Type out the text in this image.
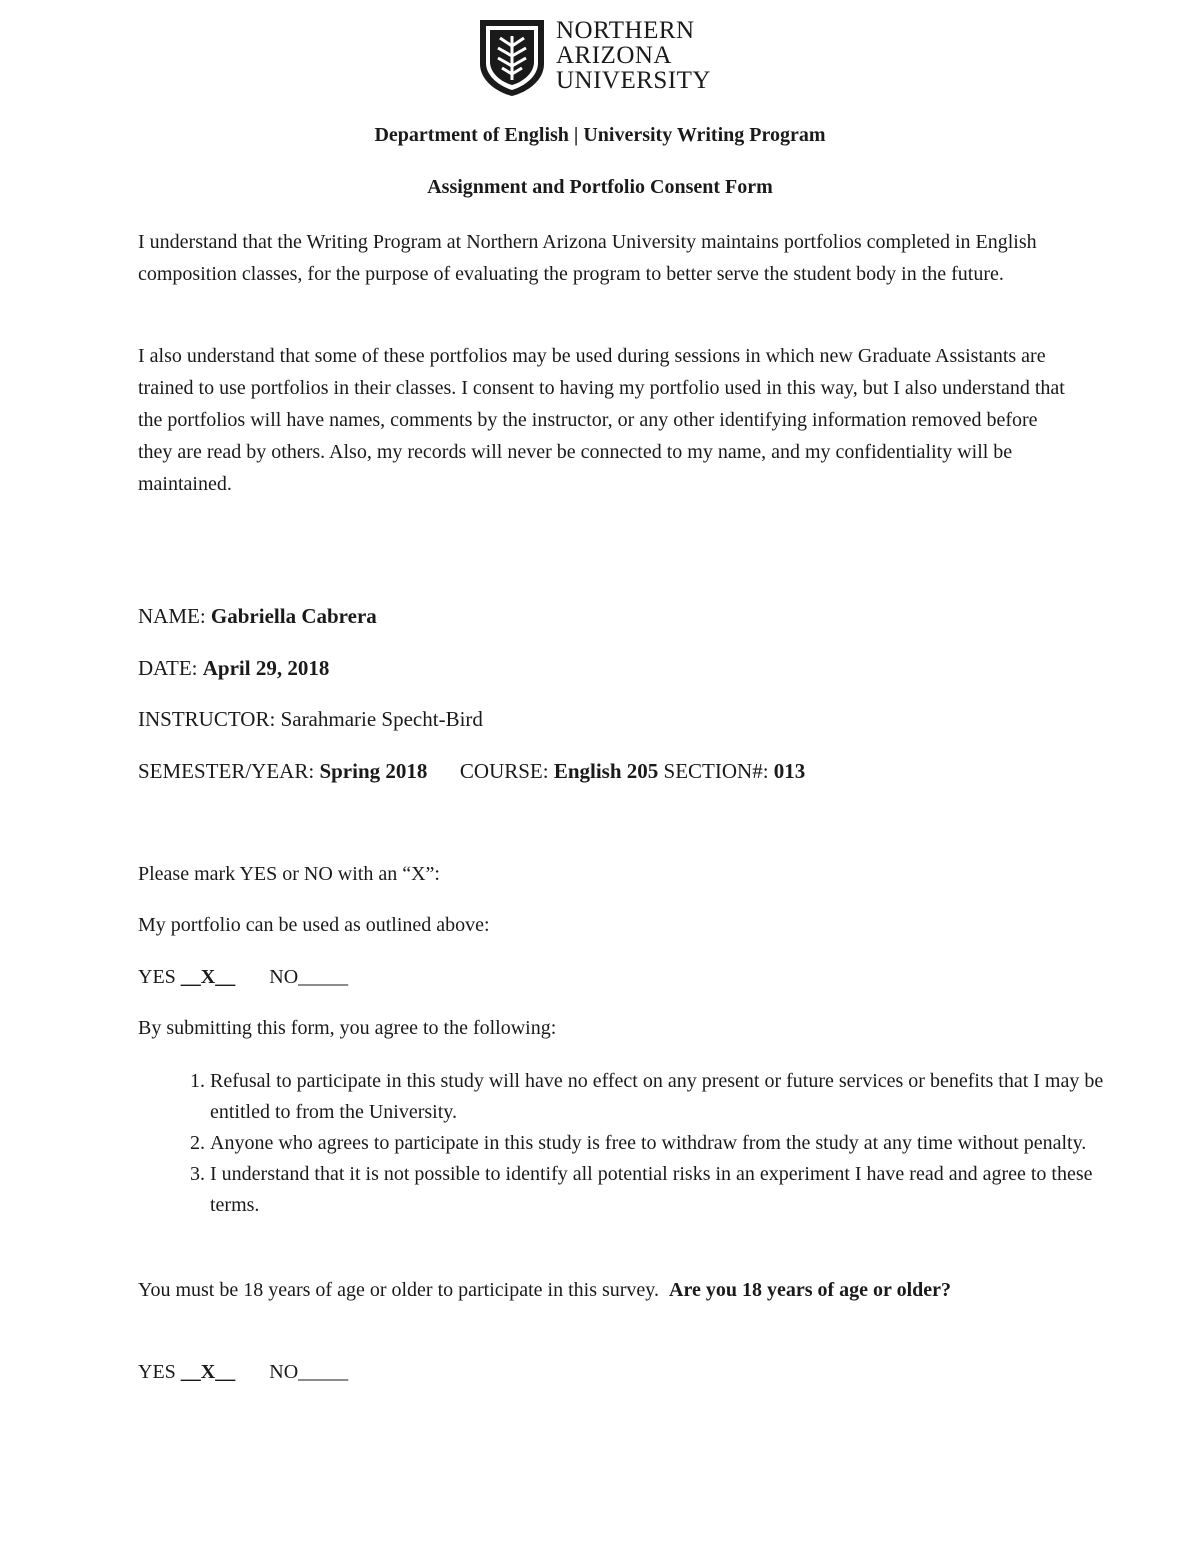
NORTHERN
ARIZONA
UNIVERSITY
Department of English | University Writing Program
Assignment and Portfolio Consent Form

I understand that the Writing Program at Northern Arizona University maintains portfolios completed in English composition classes, for the purpose of evaluating the program to better serve the student body in the future.

I also understand that some of these portfolios may be used during sessions in which new Graduate Assistants are trained to use portfolios in their classes. I consent to having my portfolio used in this way, but I also understand that the portfolios will have names, comments by the instructor, or any other identifying information removed before they are read by others. Also, my records will never be connected to my name, and my confidentiality will be maintained.

NAME: Gabriella Cabrera
DATE: April 29, 2018
INSTRUCTOR: Sarahmarie Specht-Bird
SEMESTER/YEAR: Spring 2018 COURSE: English 205 SECTION#: 013
Please mark YES or NO with an “X”:
My portfolio can be used as outlined above:
YES __X__ NO_____
By submitting this form, you agree to the following:
1. Refusal to participate in this study will have no effect on any present or future services or benefits that I may be entitled to from the University.
2. Anyone who agrees to participate in this study is free to withdraw from the study at any time without penalty.
3. I understand that it is not possible to identify all potential risks in an experiment I have read and agree to these terms.

You must be 18 years of age or older to participate in this survey. Are you 18 years of age or older?

YES __X__ NO_____
